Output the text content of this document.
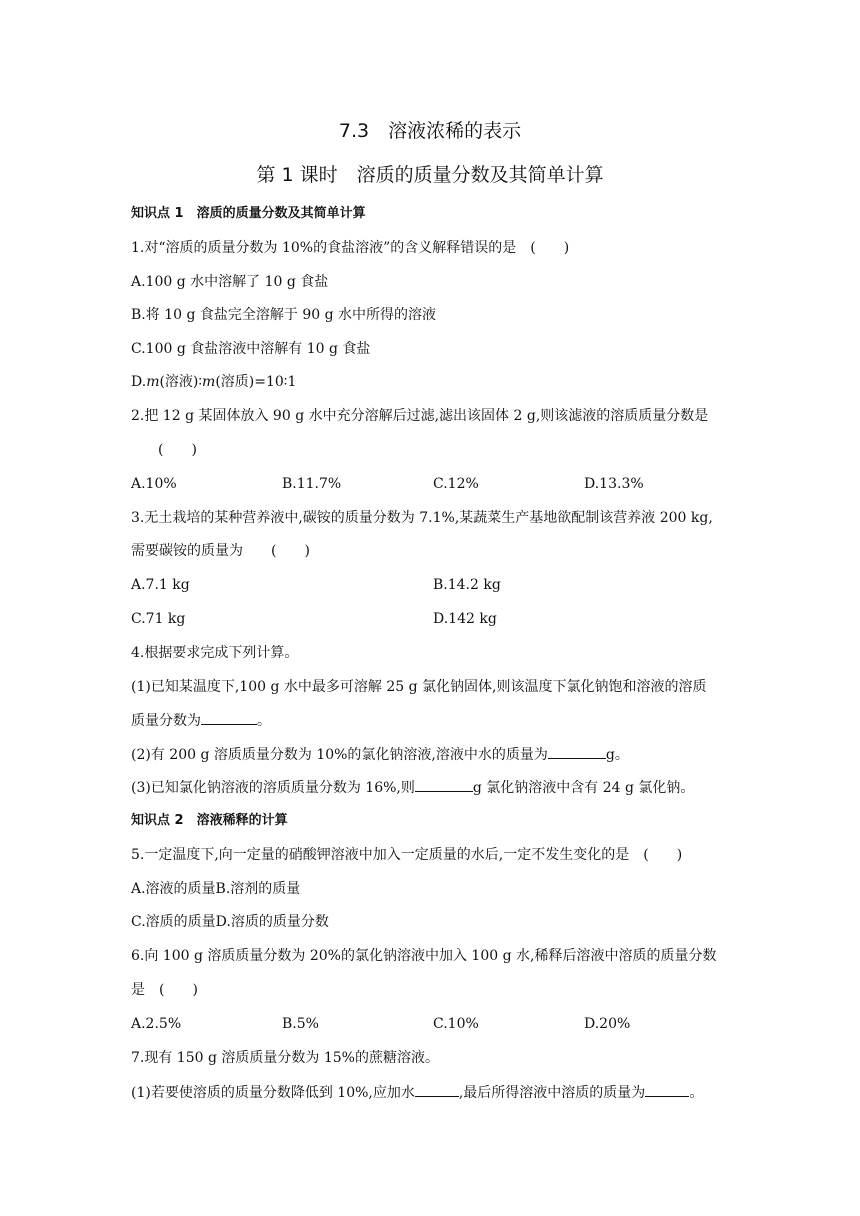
7.3　溶液浓稀的表示
第 1 课时　溶质的质量分数及其简单计算
知识点 1　溶质的质量分数及其简单计算
1.对“溶质的质量分数为 10%的食盐溶液”的含义解释错误的是　(　　)
A.100 g 水中溶解了 10 g 食盐
B.将 10 g 食盐完全溶解于 90 g 水中所得的溶液
C.100 g 食盐溶液中溶解有 10 g 食盐
D.m(溶液)∶m(溶质)=10∶1
2.把 12 g 某固体放入 90 g 水中充分溶解后过滤,滤出该固体 2 g,则该滤液的溶质质量分数是
(　　)
A.10%	B.11.7%	C.12%	D.13.3%
3.无土栽培的某种营养液中,碳铵的质量分数为 7.1%,某蔬菜生产基地欲配制该营养液 200 kg,
需要碳铵的质量为　　(　　)
A.7.1 kg	B.14.2 kg
C.71 kg	D.142 kg
4.根据要求完成下列计算。
(1)已知某温度下,100 g 水中最多可溶解 25 g 氯化钠固体,则该温度下氯化钠饱和溶液的溶质
质量分数为	。
(2)有 200 g 溶质质量分数为 10%的氯化钠溶液,溶液中水的质量为	g。
(3)已知氯化钠溶液的溶质质量分数为 16%,则	g 氯化钠溶液中含有 24 g 氯化钠。
知识点 2　溶液稀释的计算
5.一定温度下,向一定量的硝酸钾溶液中加入一定质量的水后,一定不发生变化的是　(　　)
A.溶液的质量B.溶剂的质量
C.溶质的质量D.溶质的质量分数
6.向 100 g 溶质质量分数为 20%的氯化钠溶液中加入 100 g 水,稀释后溶液中溶质的质量分数
是　(　　)
A.2.5%	B.5%	C.10%	D.20%
7.现有 150 g 溶质质量分数为 15%的蔗糖溶液。
(1)若要使溶质的质量分数降低到 10%,应加水	,最后所得溶液中溶质的质量为	。
